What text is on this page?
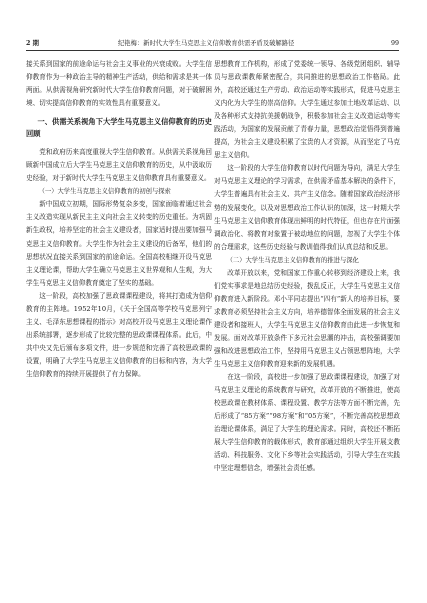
2 期	纪艳梅：新时代大学生马克思主义信仰教育供需矛盾及破解路径	99

接关系到国家的前途命运与社会主义事业的兴衰成败。大学生信仰教育作为一种政治主导的精神生产活动，供给和需求是其一体两面。从供需视角研究新时代大学生信仰教育问题，对于破解困境、切实提高信仰教育的实效性具有重要意义。

一、供需关系视角下大学生马克思主义信仰教育的历史回顾

党和政府历来高度重视大学生信仰教育。从供需关系视角回顾新中国成立后大学生马克思主义信仰教育的历史，从中汲取历史经验，对于新时代大学生马克思主义信仰教育具有重要意义。

（一）大学生马克思主义信仰教育的初创与探索

新中国成立初期，国际形势复杂多变，国家面临着通过社会主义改造实现从新民主主义向社会主义转变的历史重任。为巩固新生政权，培养坚定的社会主义建设者，国家适时提出要加强马克思主义信仰教育。大学生作为社会主义建设的后备军，他们的思想状况直接关系到国家的前途命运。全国高校相继开设马克思主义理论课，帮助大学生确立马克思主义世界观和人生观，为大学生马克思主义信仰教育奠定了坚实的基础。

这一阶段，高校加强了思政课课程建设，将其打造成为信仰教育的主阵地。1952年10月，《关于全国高等学校马克思列宁主义、毛泽东思想课程的指示》对高校开设马克思主义理论课作出系统部署，逐步形成了比较完整的思政课课程体系。此后，中共中央又先后颁布多项文件，进一步规范和完善了高校思政课的设置，明确了大学生马克思主义信仰教育的目标和内容，为大学生信仰教育的持续开展提供了有力保障。

思想教育工作机构，形成了党委统一领导、各级党团组织、辅导员与思政课教师紧密配合，共同推进的思想政治工作格局。此外，高校还通过生产劳动、政治运动等实践形式，促进马克思主义内化为大学生的崇高信仰。大学生通过参加土地改革运动、以及各种形式支持抗美援朝战争，积极参加社会主义改造运动等实践活动，为国家的发展贡献了青春力量，思想政治觉悟得到普遍提高，为社会主义建设积累了宝贵的人才资源，从而坚定了马克思主义信仰。

这一阶段的大学生信仰教育以时代问题为导向，满足大学生对马克思主义理论的学习需求，在供需矛盾基本解决的条件下，大学生普遍具有社会主义、共产主义信念。随着国家政治经济形势的发展变化，以及对思想政治工作认识的加深，这一时期大学生马克思主义信仰教育体现出鲜明的时代特征，但也存在片面强调政治化、将教育对象置于被动地位的问题，忽视了大学生个体的合理需求，这些历史经验与教训值得我们认真总结和反思。

（二）大学生马克思主义信仰教育的推进与深化

改革开放以来，党和国家工作重心转移到经济建设上来，我们党实事求是地总结历史经验，拨乱反正，大学生马克思主义信仰教育进入新阶段。邓小平同志提出“四有”新人的培养目标，要求教育必须坚持社会主义方向，培养德智体全面发展的社会主义建设者和接班人，大学生马克思主义信仰教育由此进一步恢复和发展。面对改革开放条件下多元社会思潮的冲击，高校强调要加强和改进思想政治工作，坚持用马克思主义占领思想阵地，大学生马克思主义信仰教育迎来新的发展机遇。

在这一阶段，高校进一步加强了思政课课程建设，加强了对马克思主义理论的系统教育与研究，改革开放的不断推进，使高校思政课在教材体系、课程设置、教学方法等方面不断完善，先后形成了“85方案”“98方案”和“05方案”，不断完善高校思想政治理论课体系，满足了大学生的理论需求。同时，高校还不断拓展大学生信仰教育的载体形式，教育部通过组织大学生开展支教活动、科技服务、文化下乡等社会实践活动，引导大学生在实践中坚定理想信念，增强社会责任感。
